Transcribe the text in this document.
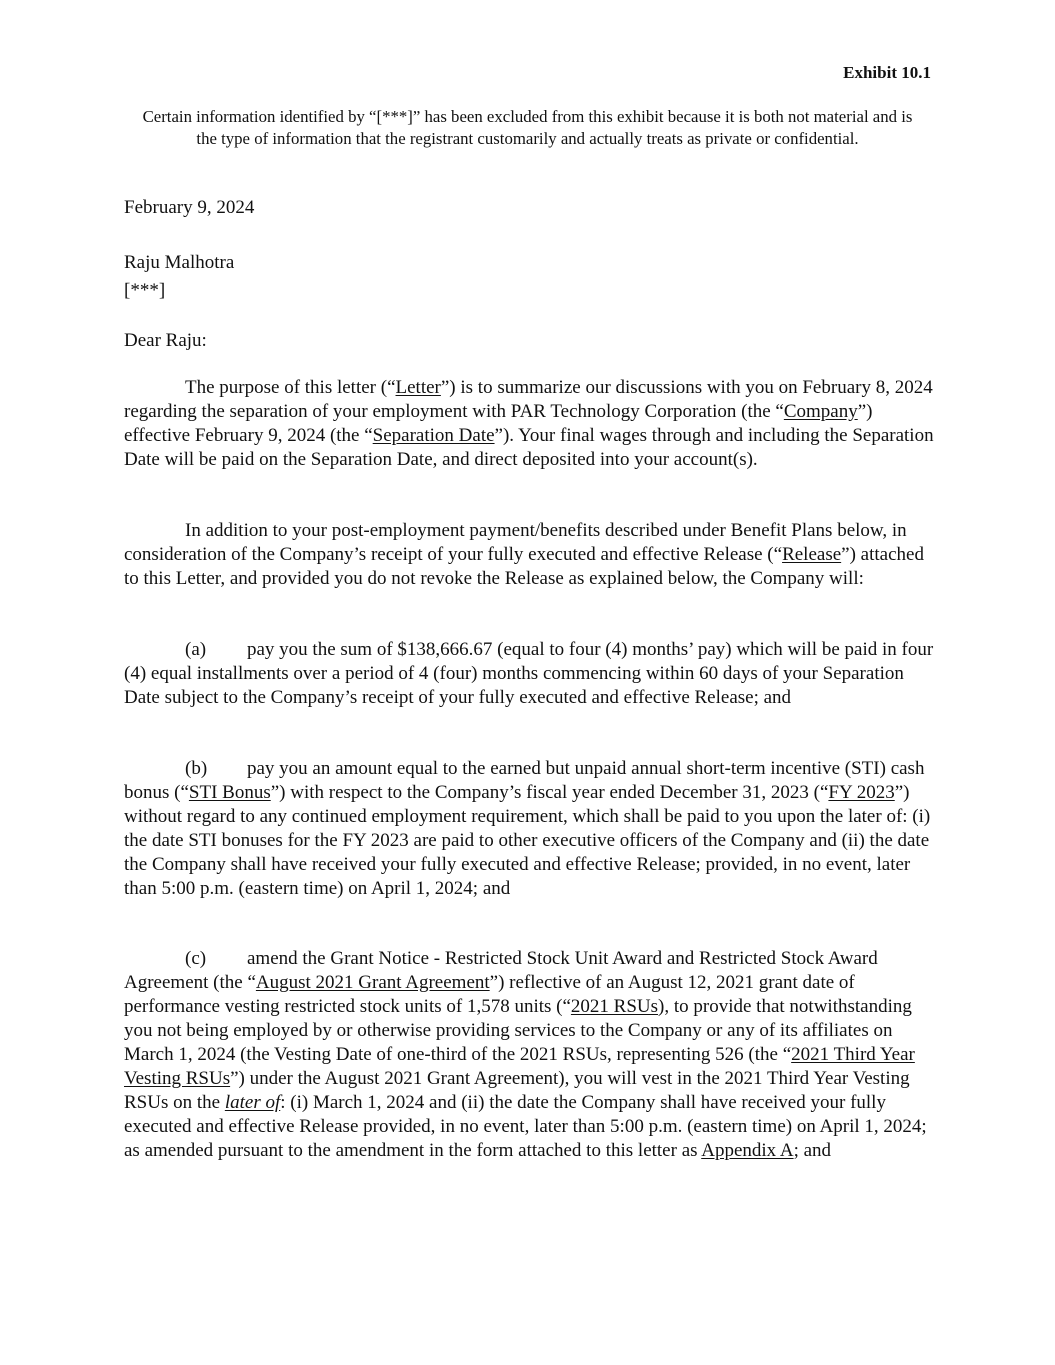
Exhibit 10.1
Certain information identified by “[***]” has been excluded from this exhibit because it is both not material and is the type of information that the registrant customarily and actually treats as private or confidential.
February 9, 2024
Raju Malhotra
[***]
Dear Raju:
The purpose of this letter (“Letter”) is to summarize our discussions with you on February 8, 2024 regarding the separation of your employment with PAR Technology Corporation (the “Company”) effective February 9, 2024 (the “Separation Date”). Your final wages through and including the Separation Date will be paid on the Separation Date, and direct deposited into your account(s).
In addition to your post-employment payment/benefits described under Benefit Plans below, in consideration of the Company’s receipt of your fully executed and effective Release (“Release”) attached to this Letter, and provided you do not revoke the Release as explained below, the Company will:
(a) pay you the sum of $138,666.67 (equal to four (4) months’ pay) which will be paid in four (4) equal installments over a period of 4 (four) months commencing within 60 days of your Separation Date subject to the Company’s receipt of your fully executed and effective Release; and
(b) pay you an amount equal to the earned but unpaid annual short-term incentive (STI) cash bonus (“STI Bonus”) with respect to the Company’s fiscal year ended December 31, 2023 (“FY 2023”) without regard to any continued employment requirement, which shall be paid to you upon the later of: (i) the date STI bonuses for the FY 2023 are paid to other executive officers of the Company and (ii) the date the Company shall have received your fully executed and effective Release; provided, in no event, later than 5:00 p.m. (eastern time) on April 1, 2024; and
(c) amend the Grant Notice - Restricted Stock Unit Award and Restricted Stock Award Agreement (the “August 2021 Grant Agreement”) reflective of an August 12, 2021 grant date of performance vesting restricted stock units of 1,578 units (“2021 RSUs), to provide that notwithstanding you not being employed by or otherwise providing services to the Company or any of its affiliates on March 1, 2024 (the Vesting Date of one-third of the 2021 RSUs, representing 526 (the “2021 Third Year Vesting RSUs”) under the August 2021 Grant Agreement), you will vest in the 2021 Third Year Vesting RSUs on the later of: (i) March 1, 2024 and (ii) the date the Company shall have received your fully executed and effective Release provided, in no event, later than 5:00 p.m. (eastern time) on April 1, 2024; as amended pursuant to the amendment in the form attached to this letter as Appendix A; and
